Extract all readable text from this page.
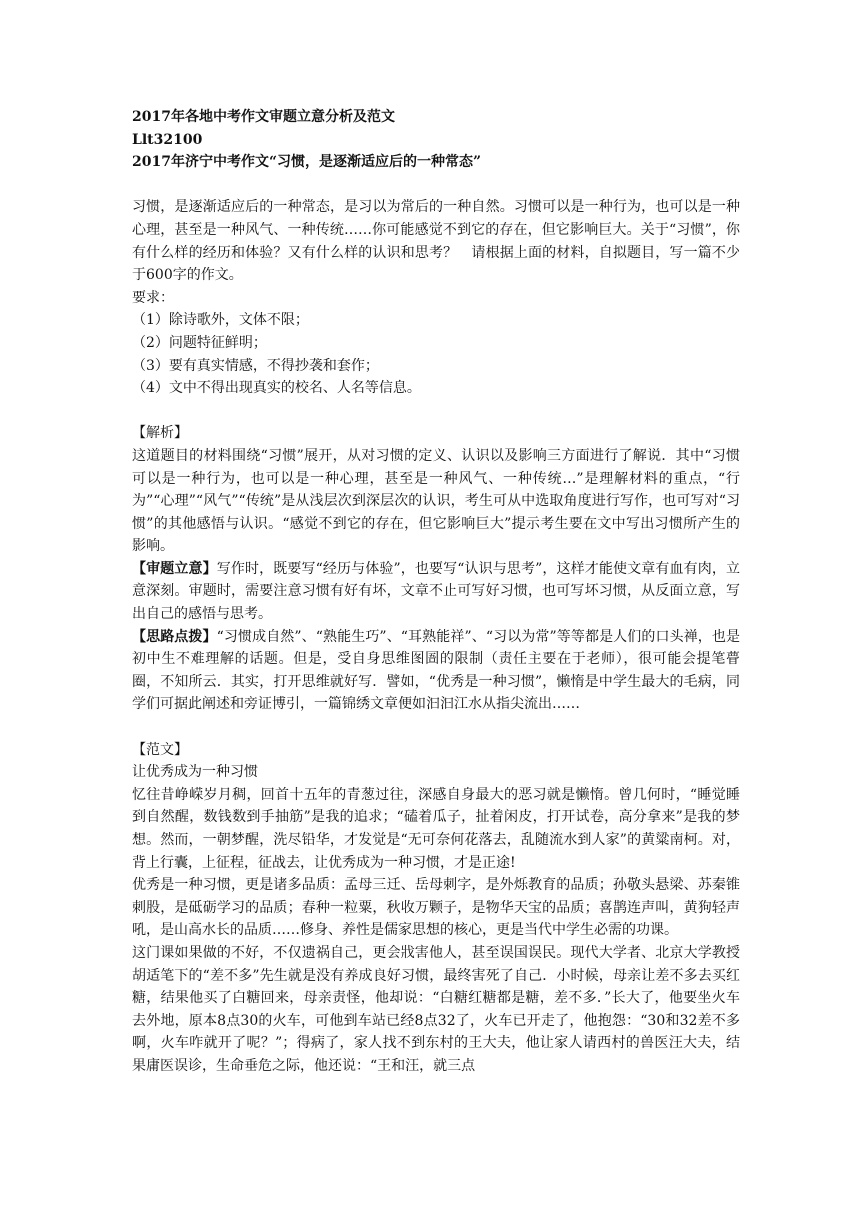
2017年各地中考作文审题立意分析及范文
Llt32100
2017年济宁中考作文“习惯，是逐渐适应后的一种常态”

习惯，是逐渐适应后的一种常态，是习以为常后的一种自然。习惯可以是一种行为，也可以是一种心理，甚至是一种风气、一种传统……你可能感觉不到它的存在，但它影响巨大。关于“习惯”，你有什么样的经历和体验？又有什么样的认识和思考？　请根据上面的材料，自拟题目，写一篇不少于600字的作文。

要求：

（1）除诗歌外，文体不限；

（2）问题特征鲜明；

（3）要有真实情感，不得抄袭和套作；

（4）文中不得出现真实的校名、人名等信息。

【解析】

这道题目的材料围绕“习惯”展开，从对习惯的定义、认识以及影响三方面进行了解说．其中“习惯可以是一种行为，也可以是一种心理，甚至是一种风气、一种传统…”是理解材料的重点，“行为”“心理”“风气”“传统”是从浅层次到深层次的认识，考生可从中选取角度进行写作，也可写对“习惯”的其他感悟与认识。“感觉不到它的存在，但它影响巨大”提示考生要在文中写出习惯所产生的影响。

【审题立意】写作时，既要写“经历与体验”，也要写“认识与思考”，这样才能使文章有血有肉，立意深刻。审题时，需要注意习惯有好有坏，文章不止可写好习惯，也可写坏习惯，从反面立意，写出自己的感悟与思考。

【思路点拨】“习惯成自然”、“熟能生巧”、“耳熟能祥”、“习以为常”等等都是人们的口头禅，也是初中生不难理解的话题。但是，受自身思维图圄的限制（责任主要在于老师），很可能会提笔瞢圈，不知所云．其实，打开思维就好写．譬如，“优秀是一种习惯”，懒惰是中学生最大的毛病，同学们可据此阐述和旁证博引，一篇锦绣文章便如汩汩江水从指尖流出……

【范文】

让优秀成为一种习惯

忆往昔峥嵘岁月稠，回首十五年的青葱过往，深感自身最大的恶习就是懒惰。曾几何时，“睡觉睡到自然醒，数钱数到手抽筋”是我的追求；“磕着瓜子，扯着闲皮，打开试卷，高分拿来”是我的梦想。然而，一朝梦醒，洗尽铅华，才发觉是“无可奈何花落去，乱随流水到人家”的黄粱南柯。对，背上行囊，上征程，征战去，让优秀成为一种习惯，才是正途!

优秀是一种习惯，更是诸多品质：孟母三迁、岳母刺字，是外烁教育的品质；孙敬头悬梁、苏秦锥刺股，是砥砺学习的品质；春种一粒粟，秋收万颗子，是物华天宝的品质；喜鹊连声叫，黄狗轻声吼，是山高水长的品质……修身、养性是儒家思想的核心，更是当代中学生必需的功课。

这门课如果做的不好，不仅遗祸自己，更会戕害他人，甚至误国误民。现代大学者、北京大学教授胡适笔下的“差不多”先生就是没有养成良好习惯，最终害死了自己．小时候，母亲让差不多去买红糖，结果他买了白糖回来，母亲责怪，他却说：“白糖红糖都是糖，差不多．”长大了，他要坐火车去外地，原本8点30的火车，可他到车站已经8点32了，火车已开走了，他抱怨：“30和32差不多啊，火车咋就开了呢？”；得病了，家人找不到东村的王大夫，他让家人请西村的兽医汪大夫，结果庸医误诊，生命垂危之际，他还说：“王和汪，就三点
